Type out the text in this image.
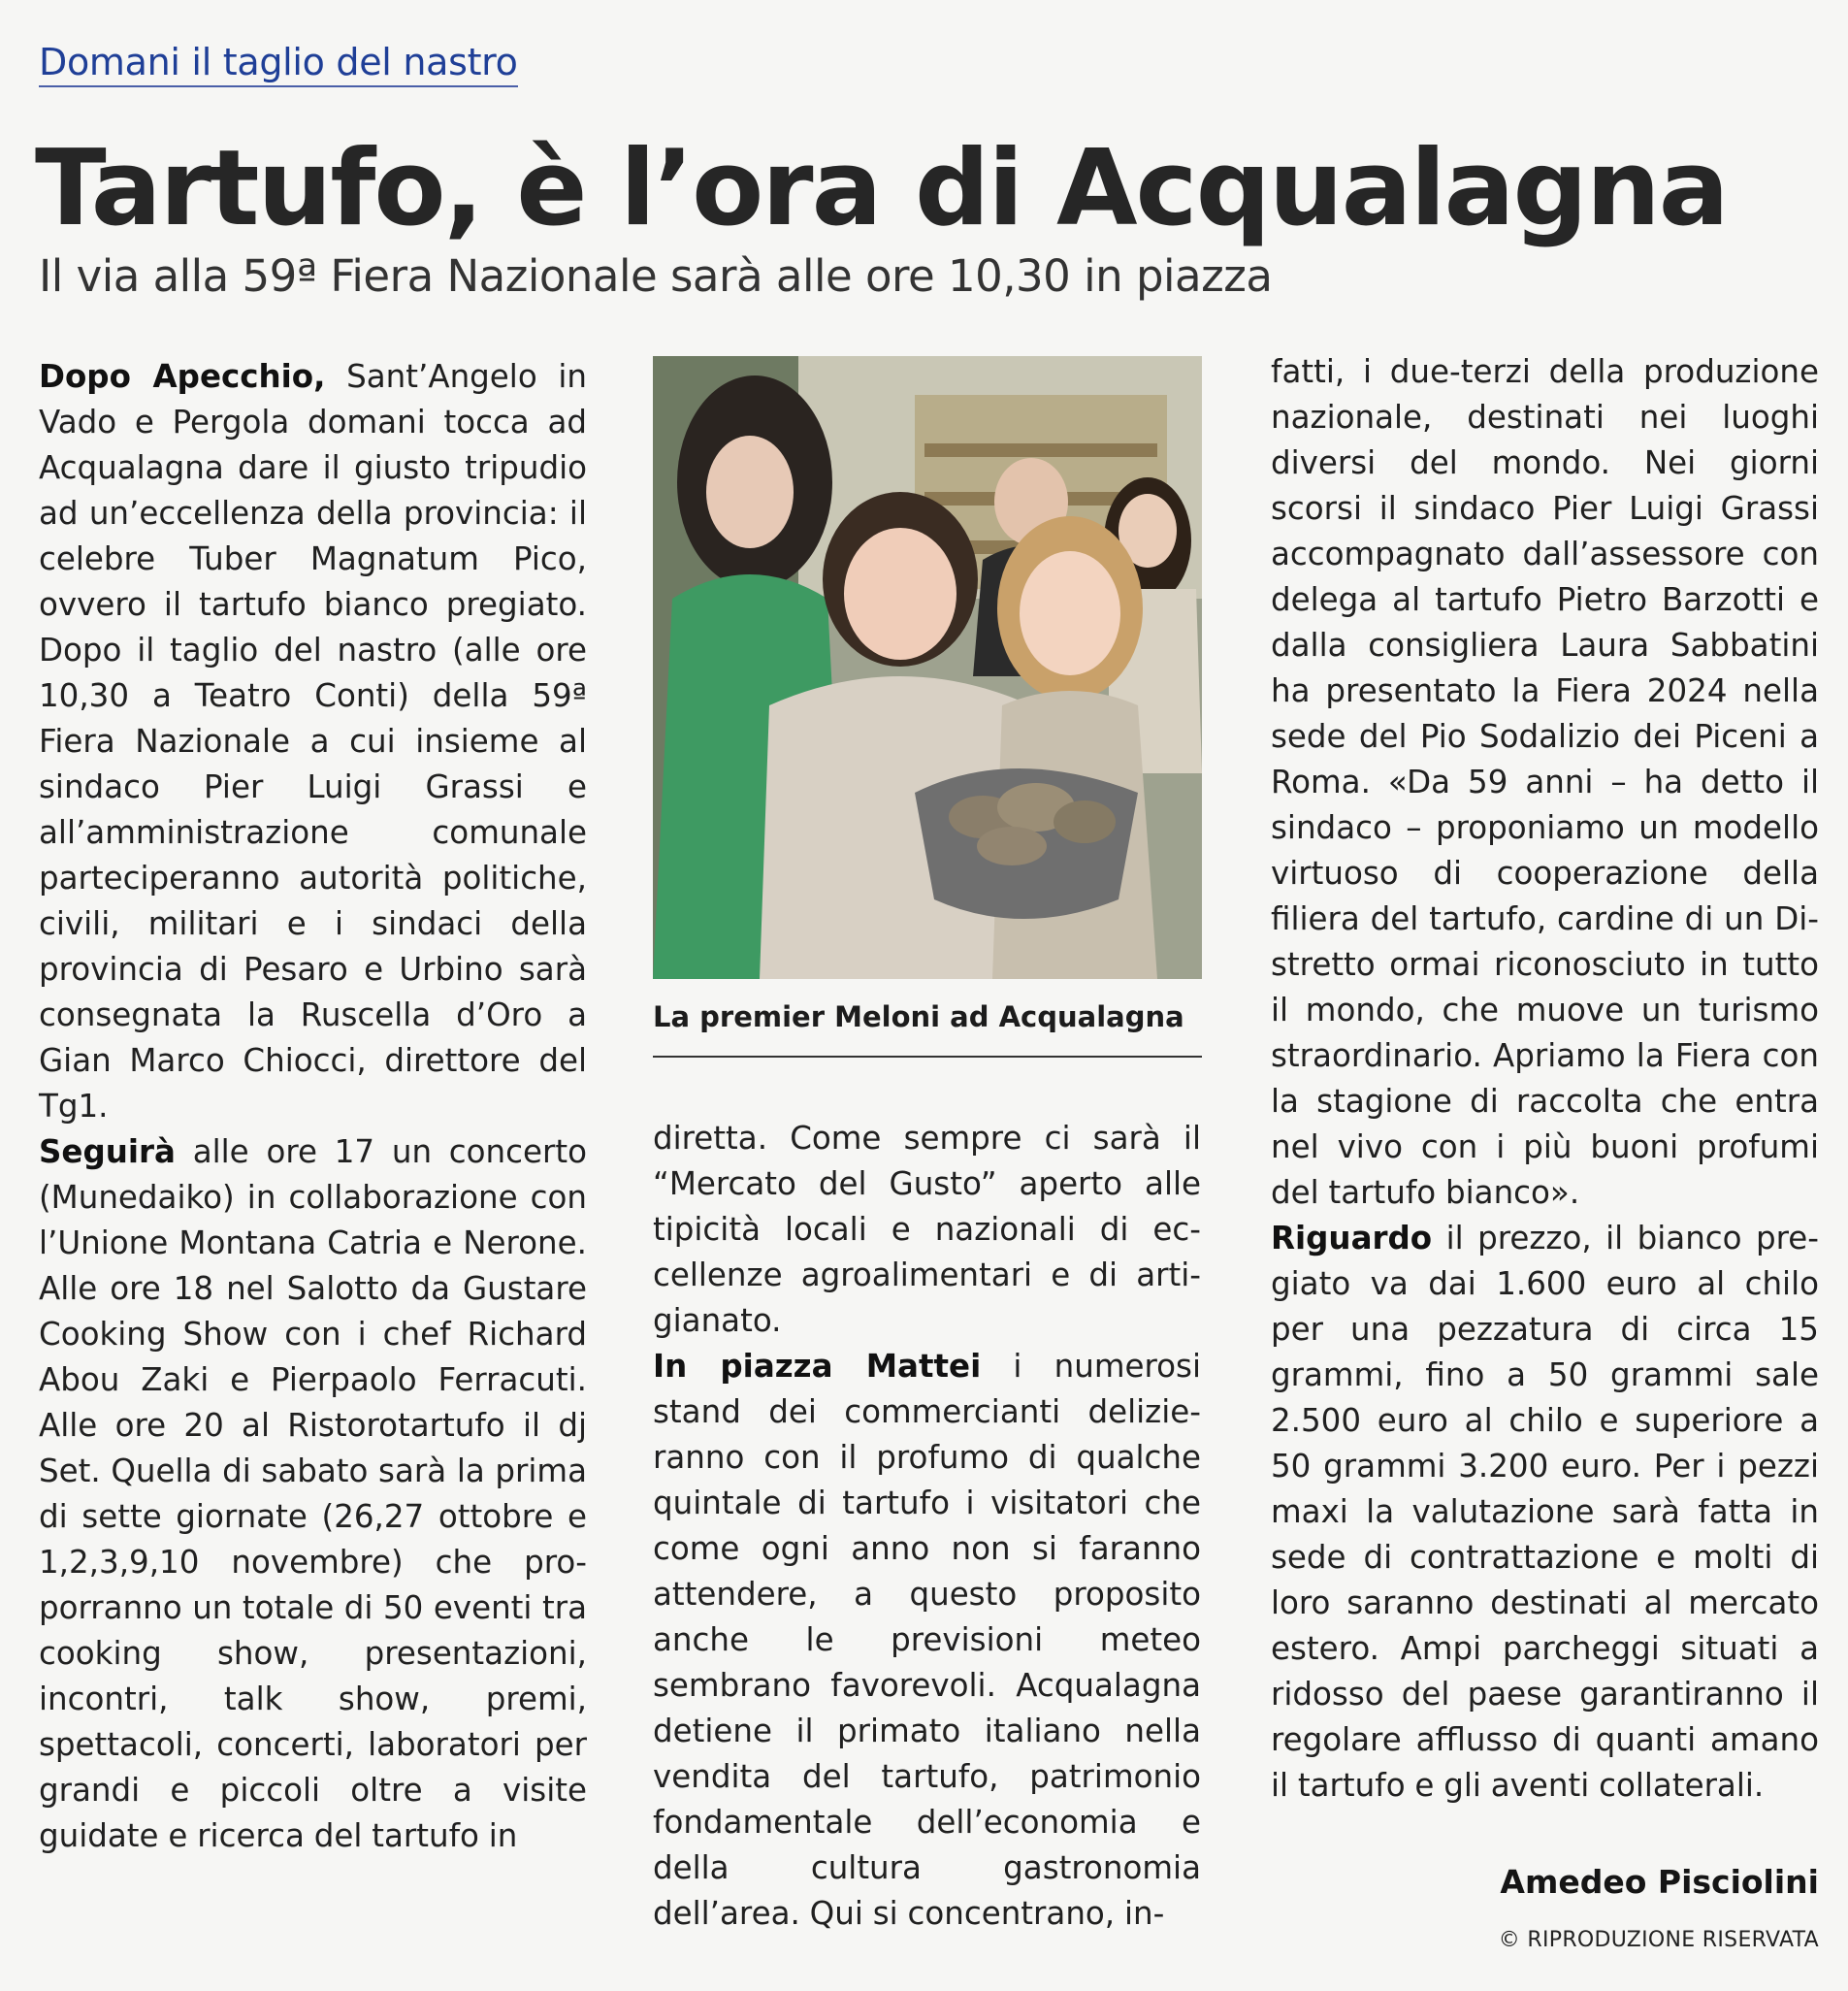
Domani il taglio del nastro
Tartufo, è l’ora di Acqualagna
Il via alla 59ª Fiera Nazionale sarà alle ore 10,30 in piazza

Dopo Apecchio, Sant’Angelo in Vado e Pergola domani tocca ad Acqualagna dare il giusto tripudio ad un’eccellenza della provincia: il celebre Tuber Magnatum Pico, ovvero il tartufo bianco pregiato. Dopo il taglio del nastro (alle ore 10,30 a Teatro Conti) della 59ª Fiera Nazionale a cui insieme al sindaco Pier Luigi Grassi e all’amministrazione comunale parteciperanno autorità politiche, civili, militari e i sindaci della provincia di Pesaro e Urbino sarà consegnata la Ruscella d’Oro a Gian Marco Chiocci, direttore del Tg1.

Seguirà alle ore 17 un concerto (Munedaiko) in collaborazione con l’Unione Montana Catria e Nerone. Alle ore 18 nel Salotto da Gustare Cooking Show con i chef Richard Abou Zaki e Pierpaolo Ferracuti. Alle ore 20 al Ristorotartufo il dj Set. Quella di sabato sarà la prima di sette giornate (26,27 ottobre e 1,2,3,9,10 novembre) che proporranno un totale di 50 eventi tra cooking show, presentazioni, incontri, talk show, premi, spettacoli, concerti, laboratori per grandi e piccoli oltre a visite guidate e ricerca del tartufo in

La premier Meloni ad Acqualagna

diretta. Come sempre ci sarà il “Mercato del Gusto” aperto alle tipicità locali e nazionali di eccellenze agroalimentari e di artigianato.

In piazza Mattei i numerosi stand dei commercianti delizieranno con il profumo di qualche quintale di tartufo i visitatori che come ogni anno non si faranno attendere, a questo proposito anche le previsioni meteo sembrano favorevoli. Acqualagna detiene il primato italiano nella vendita del tartufo, patrimonio fondamentale dell’economia e della cultura gastronomia dell’area. Qui si concentrano, in-

fatti, i due-terzi della produzione nazionale, destinati nei luoghi diversi del mondo. Nei giorni scorsi il sindaco Pier Luigi Grassi accompagnato dall’assessore con delega al tartufo Pietro Barzotti e dalla consigliera Laura Sabbatini ha presentato la Fiera 2024 nella sede del Pio Sodalizio dei Piceni a Roma. «Da 59 anni – ha detto il sindaco – proponiamo un modello virtuoso di cooperazione della filiera del tartufo, cardine di un Distretto ormai riconosciuto in tutto il mondo, che muove un turismo straordinario. Apriamo la Fiera con la stagione di raccolta che entra nel vivo con i più buoni profumi del tartufo bianco».

Riguardo il prezzo, il bianco pregiato va dai 1.600 euro al chilo per una pezzatura di circa 15 grammi, fino a 50 grammi sale 2.500 euro al chilo e superiore a 50 grammi 3.200 euro. Per i pezzi maxi la valutazione sarà fatta in sede di contrattazione e molti di loro saranno destinati al mercato estero. Ampi parcheggi situati a ridosso del paese garantiranno il regolare afflusso di quanti amano il tartufo e gli aventi collaterali.

Amedeo Pisciolini
© RIPRODUZIONE RISERVATA
